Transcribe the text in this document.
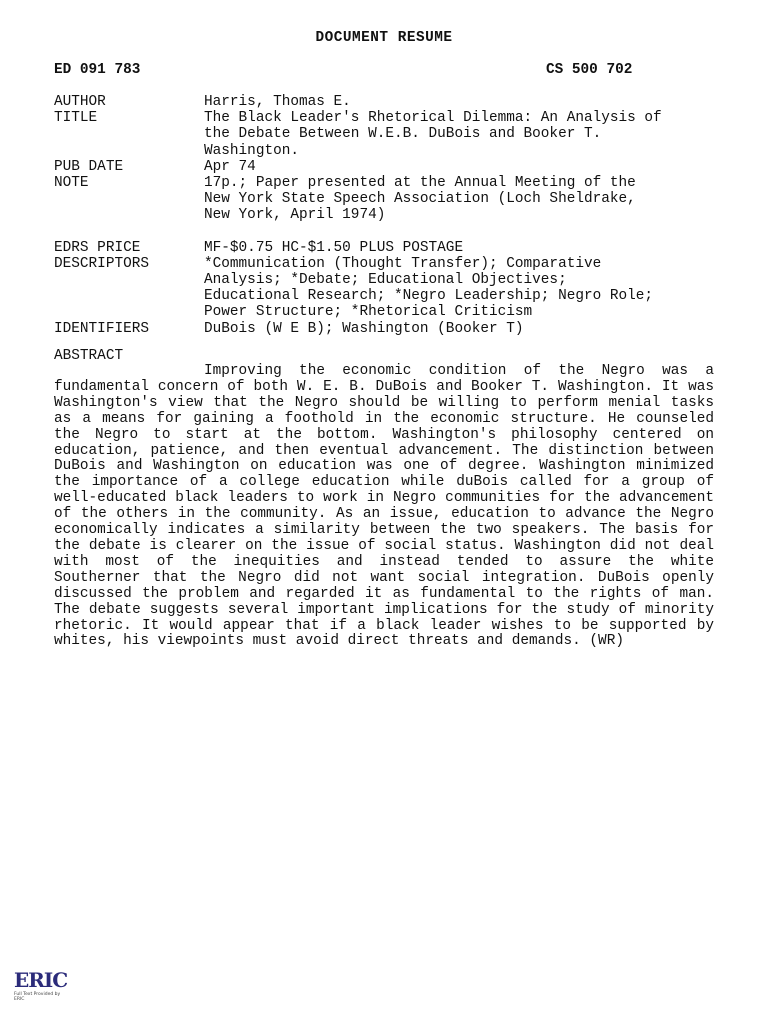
DOCUMENT RESUME
ED 091 783	CS 500 702
AUTHOR	Harris, Thomas E.
TITLE	The Black Leader's Rhetorical Dilemma: An Analysis of
the Debate Between W.E.B. DuBois and Booker T.
Washington.
PUB DATE	Apr 74
NOTE	17p.; Paper presented at the Annual Meeting of the
New York State Speech Association (Loch Sheldrake,
New York, April 1974)
EDRS PRICE	MF-$0.75 HC-$1.50 PLUS POSTAGE
DESCRIPTORS	*Communication (Thought Transfer); Comparative
Analysis; *Debate; Educational Objectives;
Educational Research; *Negro Leadership; Negro Role;
Power Structure; *Rhetorical Criticism
IDENTIFIERS	DuBois (W E B); Washington (Booker T)
ABSTRACT
Improving the economic condition of the Negro was a fundamental concern of both W. E. B. DuBois and Booker T. Washington. It was Washington's view that the Negro should be willing to perform menial tasks as a means for gaining a foothold in the economic structure. He counseled the Negro to start at the bottom. Washington's philosophy centered on education, patience, and then eventual advancement. The distinction between DuBois and Washington on education was one of degree. Washington minimized the importance of a college education while duBois called for a group of well-educated black leaders to work in Negro communities for the advancement of the others in the community. As an issue, education to advance the Negro economically indicates a similarity between the two speakers. The basis for the debate is clearer on the issue of social status. Washington did not deal with most of the inequities and instead tended to assure the white Southerner that the Negro did not want social integration. DuBois openly discussed the problem and regarded it as fundamental to the rights of man. The debate suggests several important implications for the study of minority rhetoric. It would appear that if a black leader wishes to be supported by whites, his viewpoints must avoid direct threats and demands. (WR)
ERIC
Full Text Provided by ERIC
